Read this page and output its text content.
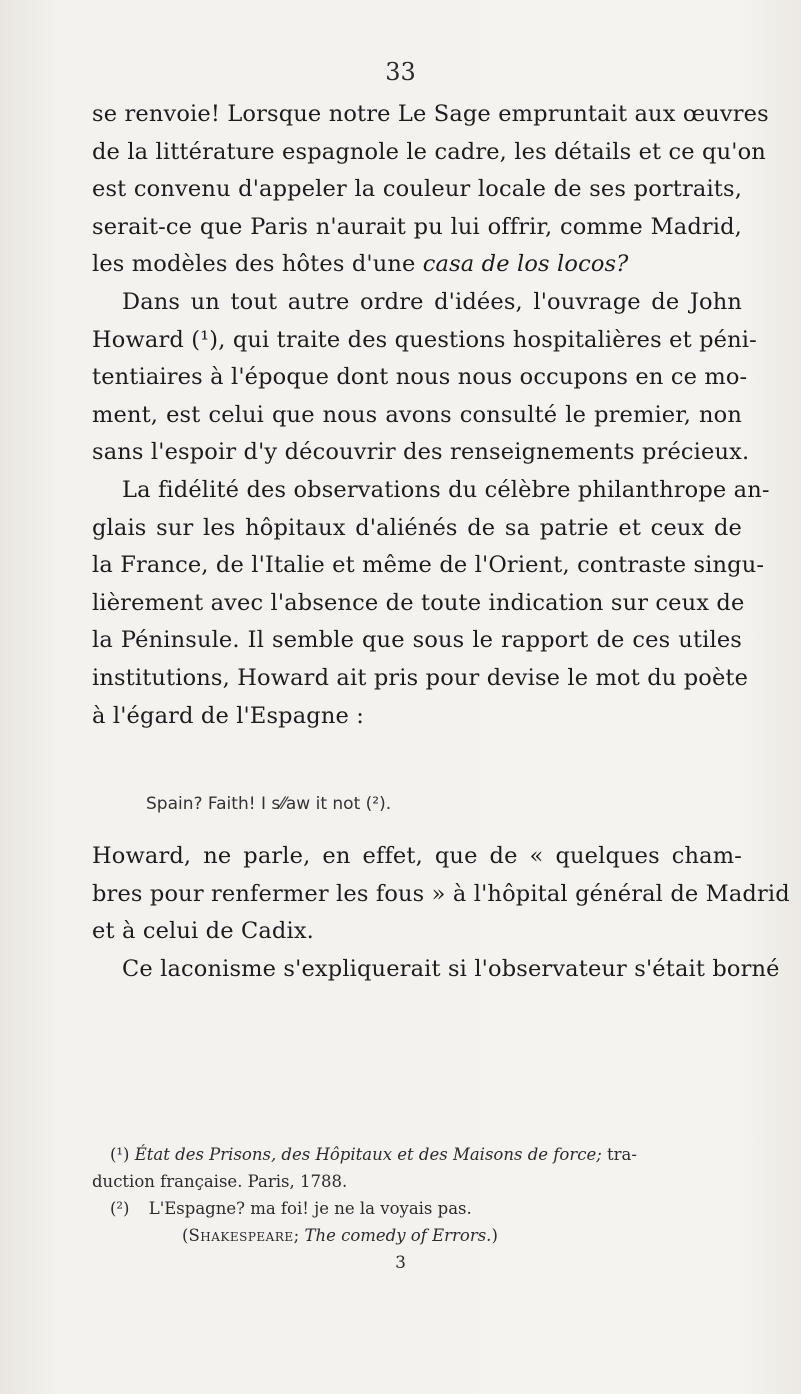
33
se renvoie! Lorsque notre Le Sage empruntait aux œuvres
de la littérature espagnole le cadre, les détails et ce qu'on
est convenu d'appeler la couleur locale de ses portraits,
serait-ce que Paris n'aurait pu lui offrir, comme Madrid,
les modèles des hôtes d'une casa de los locos?
Dans un tout autre ordre d'idées, l'ouvrage de John
Howard (¹), qui traite des questions hospitalières et péni-
tentiaires à l'époque dont nous nous occupons en ce mo-
ment, est celui que nous avons consulté le premier, non
sans l'espoir d'y découvrir des renseignements précieux.
La fidélité des observations du célèbre philanthrope an-
glais sur les hôpitaux d'aliénés de sa patrie et ceux de
la France, de l'Italie et même de l'Orient, contraste singu-
lièrement avec l'absence de toute indication sur ceux de
la Péninsule. Il semble que sous le rapport de ces utiles
institutions, Howard ait pris pour devise le mot du poète
à l'égard de l'Espagne :
Spain? Faith! I s⁄⁄aw it not (²).
Howard, ne parle, en effet, que de « quelques cham-
bres pour renfermer les fous » à l'hôpital général de Madrid
et à celui de Cadix.
Ce laconisme s'expliquerait si l'observateur s'était borné
(¹) État des Prisons, des Hôpitaux et des Maisons de force; tra-
duction française. Paris, 1788.
(²) L'Espagne? ma foi! je ne la voyais pas.
(Shakespeare; The comedy of Errors.)
3
